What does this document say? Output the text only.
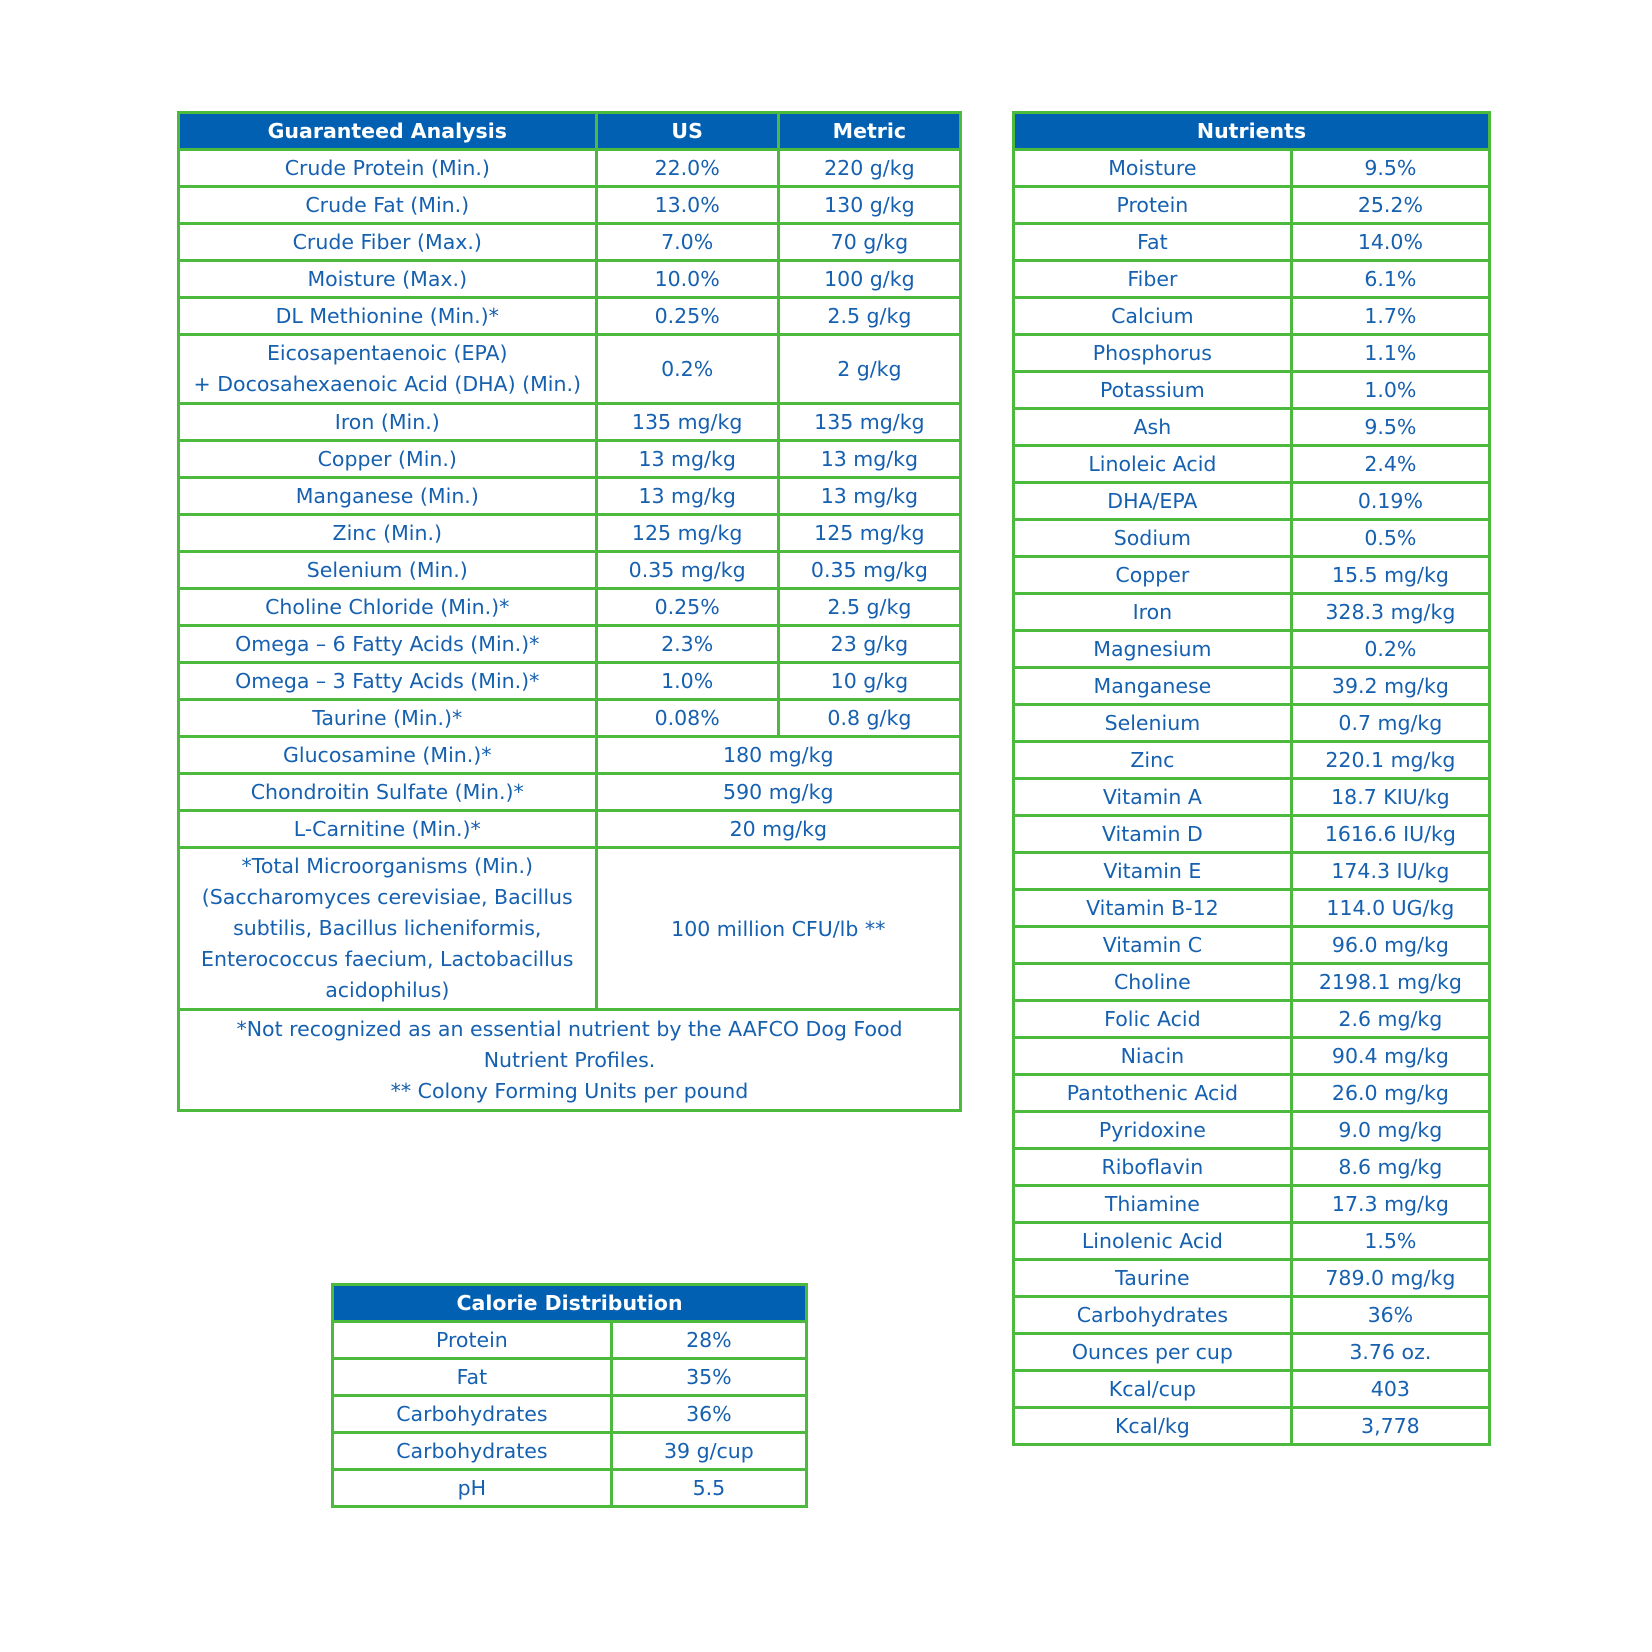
Guaranteed Analysis	US	Metric
Crude Protein (Min.)	22.0%	220 g/kg
Crude Fat (Min.)	13.0%	130 g/kg
Crude Fiber (Max.)	7.0%	70 g/kg
Moisture (Max.)	10.0%	100 g/kg
DL Methionine (Min.)*	0.25%	2.5 g/kg
Eicosapentaenoic (EPA)
+ Docosahexaenoic Acid (DHA) (Min.)	0.2%	2 g/kg
Iron (Min.)	135 mg/kg	135 mg/kg
Copper (Min.)	13 mg/kg	13 mg/kg
Manganese (Min.)	13 mg/kg	13 mg/kg
Zinc (Min.)	125 mg/kg	125 mg/kg
Selenium (Min.)	0.35 mg/kg	0.35 mg/kg
Choline Chloride (Min.)*	0.25%	2.5 g/kg
Omega – 6 Fatty Acids (Min.)*	2.3%	23 g/kg
Omega – 3 Fatty Acids (Min.)*	1.0%	10 g/kg
Taurine (Min.)*	0.08%	0.8 g/kg
Glucosamine (Min.)*	180 mg/kg	
Chondroitin Sulfate (Min.)*	590 mg/kg	
L-Carnitine (Min.)*	20 mg/kg	
*Total Microorganisms (Min.) (Saccharomyces cerevisiae, Bacillus subtilis, Bacillus licheniformis, Enterococcus faecium, Lactobacillus acidophilus)	100 million CFU/lb **	
*Not recognized as an essential nutrient by the AAFCO Dog Food Nutrient Profiles.
** Colony Forming Units per pound		
Nutrients	
Moisture	9.5%
Protein	25.2%
Fat	14.0%
Fiber	6.1%
Calcium	1.7%
Phosphorus	1.1%
Potassium	1.0%
Ash	9.5%
Linoleic Acid	2.4%
DHA/EPA	0.19%
Sodium	0.5%
Copper	15.5 mg/kg
Iron	328.3 mg/kg
Magnesium	0.2%
Manganese	39.2 mg/kg
Selenium	0.7 mg/kg
Zinc	220.1 mg/kg
Vitamin A	18.7 KIU/kg
Vitamin D	1616.6 IU/kg
Vitamin E	174.3 IU/kg
Vitamin B-12	114.0 UG/kg
Vitamin C	96.0 mg/kg
Choline	2198.1 mg/kg
Folic Acid	2.6 mg/kg
Niacin	90.4 mg/kg
Pantothenic Acid	26.0 mg/kg
Pyridoxine	9.0 mg/kg
Riboflavin	8.6 mg/kg
Thiamine	17.3 mg/kg
Linolenic Acid	1.5%
Taurine	789.0 mg/kg
Carbohydrates	36%
Ounces per cup	3.76 oz.
Kcal/cup	403
Kcal/kg	3,778
Calorie Distribution	
Protein	28%
Fat	35%
Carbohydrates	36%
Carbohydrates	39 g/cup
pH	5.5
